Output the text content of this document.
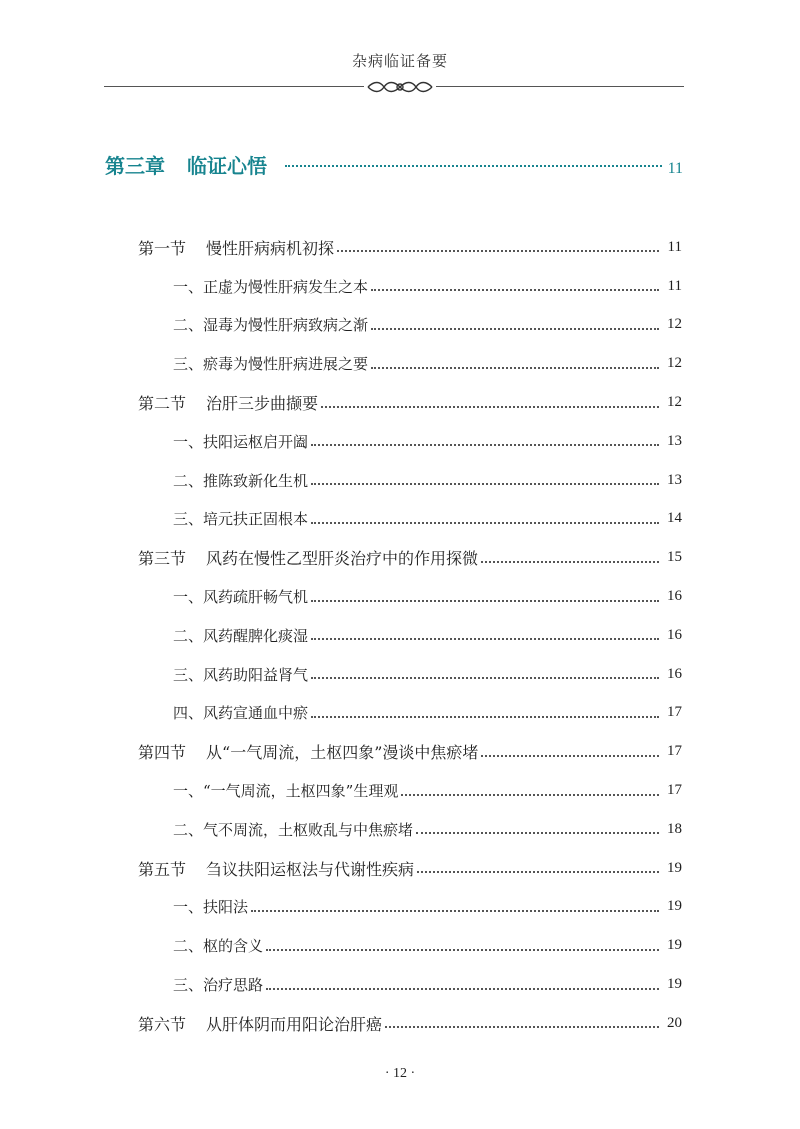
杂病临证备要
第三章 临证心悟	11
第一节 慢性肝病病机初探	11
一、正虚为慢性肝病发生之本	11
二、湿毒为慢性肝病致病之渐	12
三、瘀毒为慢性肝病进展之要	12
第二节 治肝三步曲撷要	12
一、扶阳运枢启开阖	13
二、推陈致新化生机	13
三、培元扶正固根本	14
第三节 风药在慢性乙型肝炎治疗中的作用探微	15
一、风药疏肝畅气机	16
二、风药醒脾化痰湿	16
三、风药助阳益肾气	16
四、风药宣通血中瘀	17
第四节 从“一气周流，土枢四象”漫谈中焦瘀堵	17
一、“一气周流，土枢四象”生理观	17
二、气不周流，土枢败乱与中焦瘀堵	18
第五节 刍议扶阳运枢法与代谢性疾病	19
一、扶阳法	19
二、枢的含义	19
三、治疗思路	19
第六节 从肝体阴而用阳论治肝癌	20
· 12 ·
